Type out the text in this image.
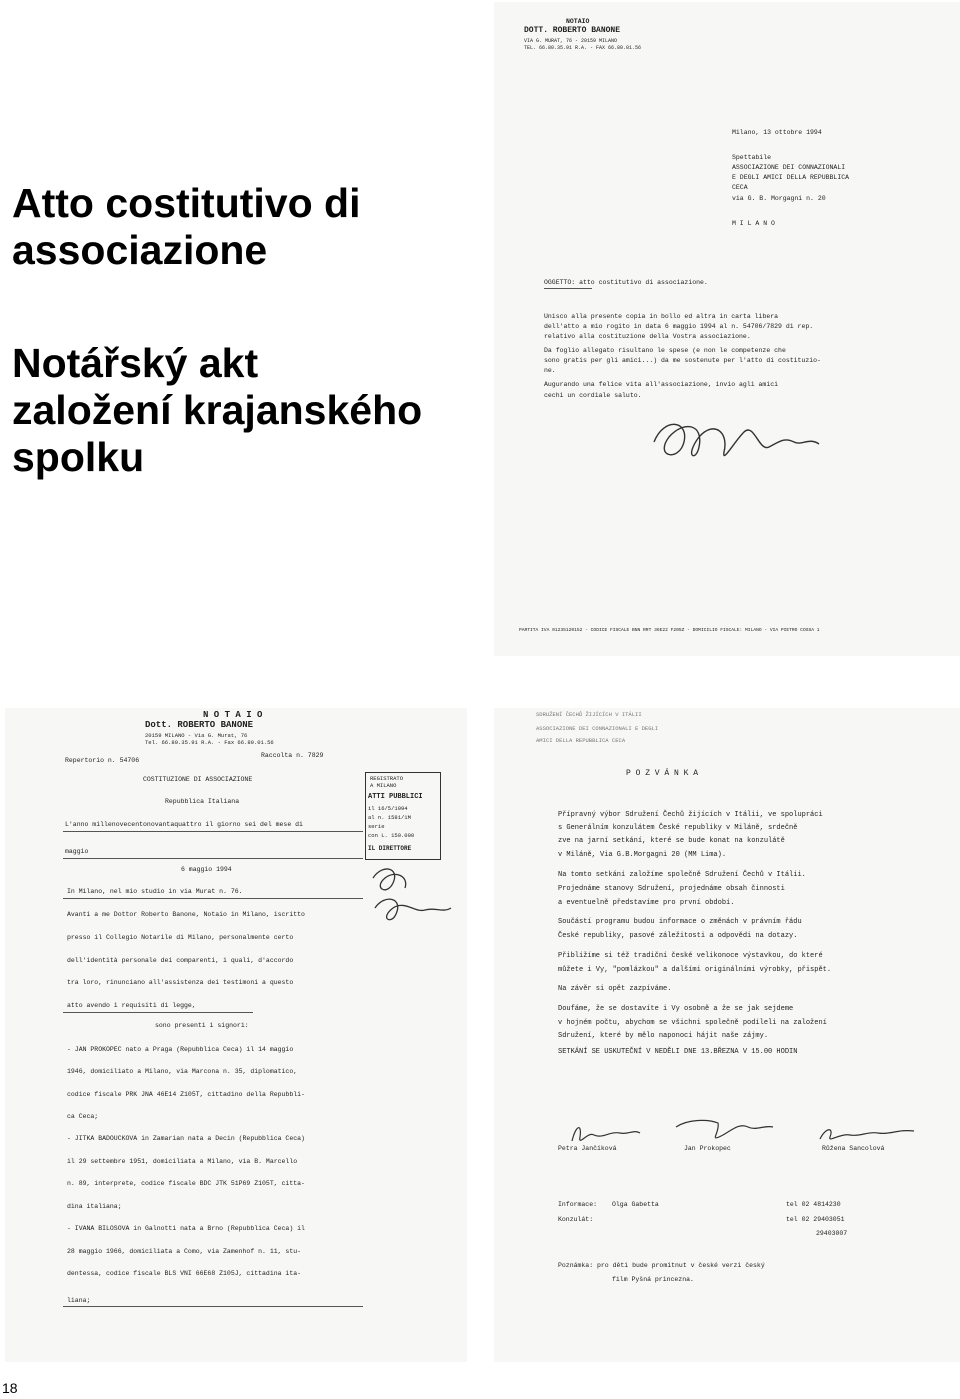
Atto costitutivo di
associazione
Notářský akt
založení krajanského
spolku
NOTAIO
DOTT. ROBERTO BANONE
VIA G. MURAT, 76 - 20159 MILANO
TEL. 66.80.35.91 R.A. - FAX 66.80.01.56
Milano, 13 ottobre 1994
Spettabile
ASSOCIAZIONE DEI CONNAZIONALI
E DEGLI AMICI DELLA REPUBBLICA
CECA
via G. B. Morgagni n. 20
M I L A N O
OGGETTO: atto costitutivo di associazione.
Unisco alla presente copia in bollo ed altra in carta libera
dell'atto a mio rogito in data 6 maggio 1994 al n. 54706/7829 di rep.
relativo alla costituzione della Vostra associazione.
Da foglio allegato risultano le spese (e non le competenze che
sono gratis per gli amici...) da me sostenute per l'atto di costituzio-
ne.
Augurando una felice vita all'associazione, invio agli amici
cechi un cordiale saluto.
PARTITA IVA 01235120152 - CODICE FISCALE BNN RRT 36E22 F205Z - DOMICILIO FISCALE: MILANO - VIA PIETRO COSSA 1
N O T A I O
Dott. ROBERTO BANONE
20159 MILANO - Via G. Murat, 76
Tel. 66.80.35.91 R.A. - Fax 66.80.01.56
Repertorio n. 54706
Raccolta n. 7829
COSTITUZIONE DI ASSOCIAZIONE
Repubblica Italiana
REGISTRATO
A MILANO
ATTI PUBBLICI
il 16/5/1994
al n. 1581/1M
serie
con L. 150.000
IL DIRETTORE
L'anno millenovecentonovantaquattro il giorno sei del mese di
maggio
6 maggio 1994
In Milano, nel mio studio in via Murat n. 76.
Avanti a me Dottor Roberto Banone, Notaio in Milano, iscritto
presso il Collegio Notarile di Milano, personalmente certo
dell'identità personale dei comparenti, i quali, d'accordo
tra loro, rinunciano all'assistenza dei testimoni a questo
atto avendo i requisiti di legge,
sono presenti i signori:
- JAN PROKOPEC nato a Praga (Repubblica Ceca) il 14 maggio
1946, domiciliato a Milano, via Marcona n. 35, diplomatico,
codice fiscale PRK JNA 46E14 Z105T, cittadino della Repubbli-
ca Ceca;
- JITKA BADOUCKOVA in Zamarian nata a Decin (Repubblica Ceca)
il 29 settembre 1951, domiciliata a Milano, via B. Marcello
n. 89, interprete, codice fiscale BDC JTK 51P69 Z105T, citta-
dina italiana;
- IVANA BILOSOVA in Galnotti nata a Brno (Repubblica Ceca) il
28 maggio 1966, domiciliata a Como, via Zamenhof n. 11, stu-
dentessa, codice fiscale BLS VNI 66E68 Z105J, cittadina ita-
liana;
SDRUŽENÍ ČECHŮ ŽIJÍCÍCH V ITÁLII
ASSOCIAZIONE DEI CONNAZIONALI E DEGLI
AMICI DELLA REPUBBLICA CECA
P O Z V Á N K A
Přípravný výbor Sdružení Čechů žijících v Itálii, ve spolupráci
s Generálním konzulátem České republiky v Miláně, srdečně
zve na jarní setkání, které se bude konat na konzulátě
v Miláně, Via G.B.Morgagni 20 (MM Lima).
Na tomto setkání založíme společně Sdružení Čechů v Itálii.
Projednáme stanovy Sdružení, projednáme obsah činnosti
a eventuelně představíme pro první období.
Součástí programu budou informace o změnách v právním řádu
České republiky, pasové záležitosti a odpovědi na dotazy.
Přiblížíme si též tradiční české velikonoce výstavkou, do které
můžete i Vy, "pomlázkou" a dalšími originálními výrobky, přispět.
Na závěr si opět zazpíváme.
Doufáme, že se dostavíte i Vy osobně a že se jak sejdeme
v hojném počtu, abychom se všichni společně podíleli na založení
Sdružení, které by mělo naponoci hájit naše zájmy.
SETKÁNÍ SE USKUTEČNÍ V NEDĚLI DNE 13.BŘEZNA V 15.00 HODIN
Petra Jančíková	Jan Prokopec	Růžena Sancolová
Informace: Olga Gabetta	tel 02 4814230
Konzulát:	tel 02 29403051
29403007
Poznámka: pro děti bude promítnut v české verzi český
film Pyšná princezna.
18
